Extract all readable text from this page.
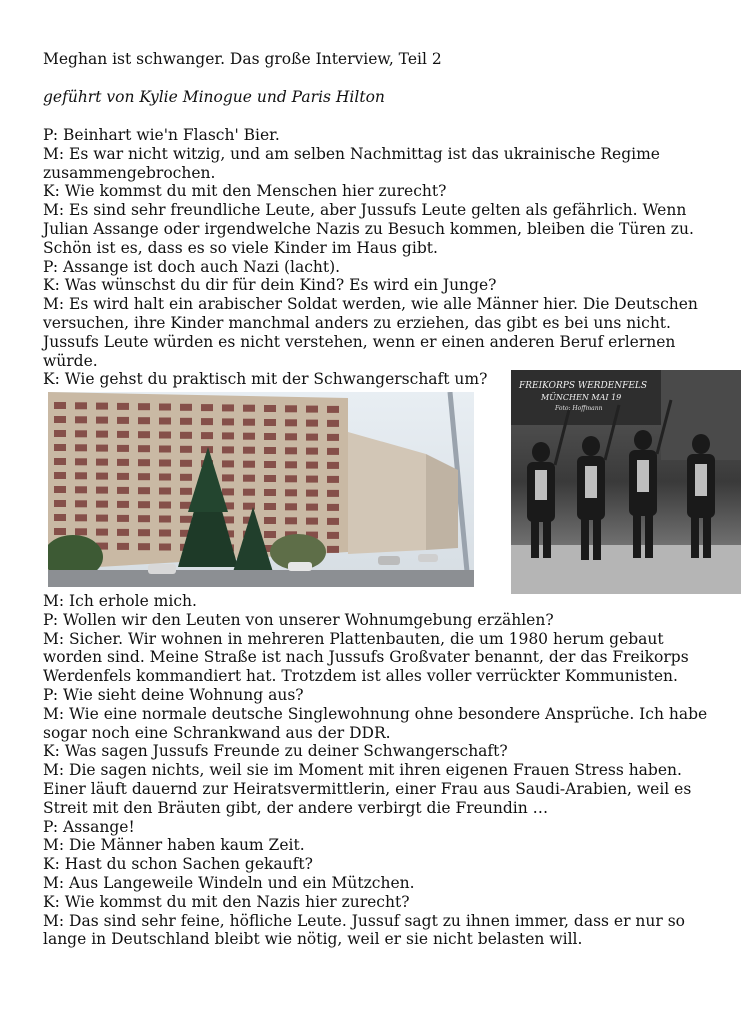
Meghan ist schwanger. Das große Interview, Teil 2
geführt von Kylie Minogue und Paris Hilton

P: Beinhart wie'n Flasch' Bier.

M: Es war nicht witzig, und am selben Nachmittag ist das ukrainische Regime zusammengebrochen.

K: Wie kommst du mit den Menschen hier zurecht?

M: Es sind sehr freundliche Leute, aber Jussufs Leute gelten als gefährlich. Wenn Julian Assange oder irgendwelche Nazis zu Besuch kommen, bleiben die Türen zu. Schön ist es, dass es so viele Kinder im Haus gibt.

P: Assange ist doch auch Nazi (lacht).

K: Was wünschst du dir für dein Kind? Es wird ein Junge?

M: Es wird halt ein arabischer Soldat werden, wie alle Männer hier. Die Deutschen versuchen, ihre Kinder manchmal anders zu erziehen, das gibt es bei uns nicht. Jussufs Leute würden es nicht verstehen, wenn er einen anderen Beruf erlernen würde.

K: Wie gehst du praktisch mit der Schwangerschaft um?	FREIKORPS WERDENFELS
MÜNCHEN MAI 19
Foto: Hoffmann

M: Ich erhole mich.

P: Wollen wir den Leuten von unserer Wohnumgebung erzählen?

M: Sicher. Wir wohnen in mehreren Plattenbauten, die um 1980 herum gebaut worden sind. Meine Straße ist nach Jussufs Großvater benannt, der das Freikorps Werdenfels kommandiert hat. Trotzdem ist alles voller verrückter Kommunisten.

P: Wie sieht deine Wohnung aus?

M: Wie eine normale deutsche Singlewohnung ohne besondere Ansprüche. Ich habe sogar noch eine Schrankwand aus der DDR.

K: Was sagen Jussufs Freunde zu deiner Schwangerschaft?

M: Die sagen nichts, weil sie im Moment mit ihren eigenen Frauen Stress haben. Einer läuft dauernd zur Heiratsvermittlerin, einer Frau aus Saudi-Arabien, weil es Streit mit den Bräuten gibt, der andere verbirgt die Freundin …

P: Assange!

M: Die Männer haben kaum Zeit.

K: Hast du schon Sachen gekauft?

M: Aus Langeweile Windeln und ein Mützchen.

K: Wie kommst du mit den Nazis hier zurecht?

M: Das sind sehr feine, höfliche Leute. Jussuf sagt zu ihnen immer, dass er nur so lange in Deutschland bleibt wie nötig, weil er sie nicht belasten will.
